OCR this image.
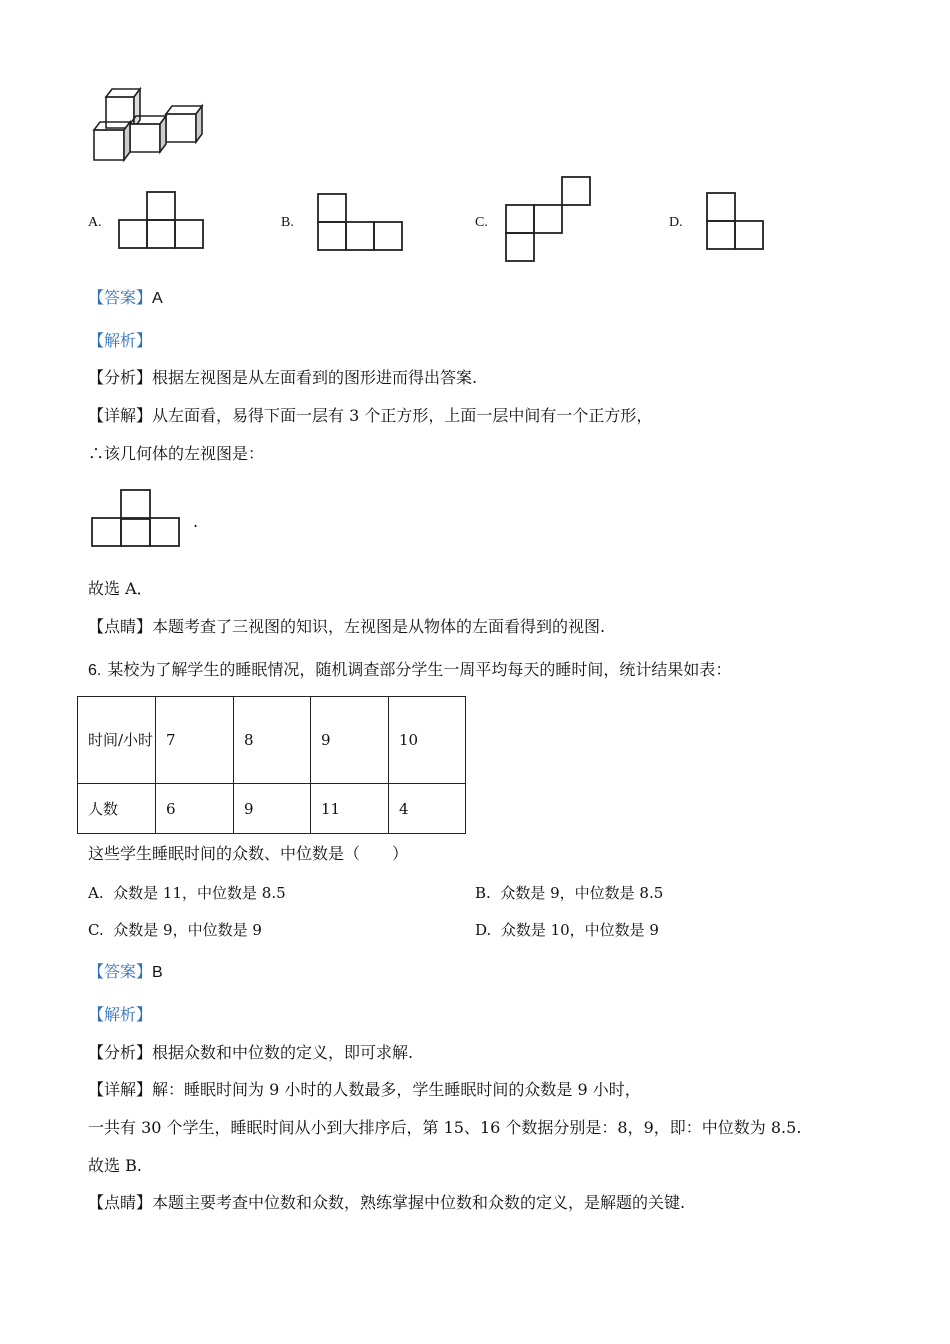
A.	B.	C.	D.
【答案】A
【解析】
【分析】根据左视图是从左面看到的图形进而得出答案.
【详解】从左面看，易得下面一层有 3 个正方形，上面一层中间有一个正方形，
∴该几何体的左视图是：
.
故选 A．
【点睛】本题考查了三视图的知识，左视图是从物体的左面看得到的视图.
6. 某校为了解学生的睡眠情况，随机调查部分学生一周平均每天的睡时间，统计结果如表：
时间/小时	7	8	9	10
人数	6	9	11	4
这些学生睡眠时间的众数、中位数是（　　）
A. 众数是 11，中位数是 8.5	B. 众数是 9，中位数是 8.5
C. 众数是 9，中位数是 9	D. 众数是 10，中位数是 9
【答案】B
【解析】
【分析】根据众数和中位数的定义，即可求解.
【详解】解：睡眠时间为 9 小时的人数最多，学生睡眠时间的众数是 9 小时，
一共有 30 个学生，睡眠时间从小到大排序后，第 15、16 个数据分别是：8，9，即：中位数为 8.5.
故选 B.
【点睛】本题主要考查中位数和众数，熟练掌握中位数和众数的定义，是解题的关键.
